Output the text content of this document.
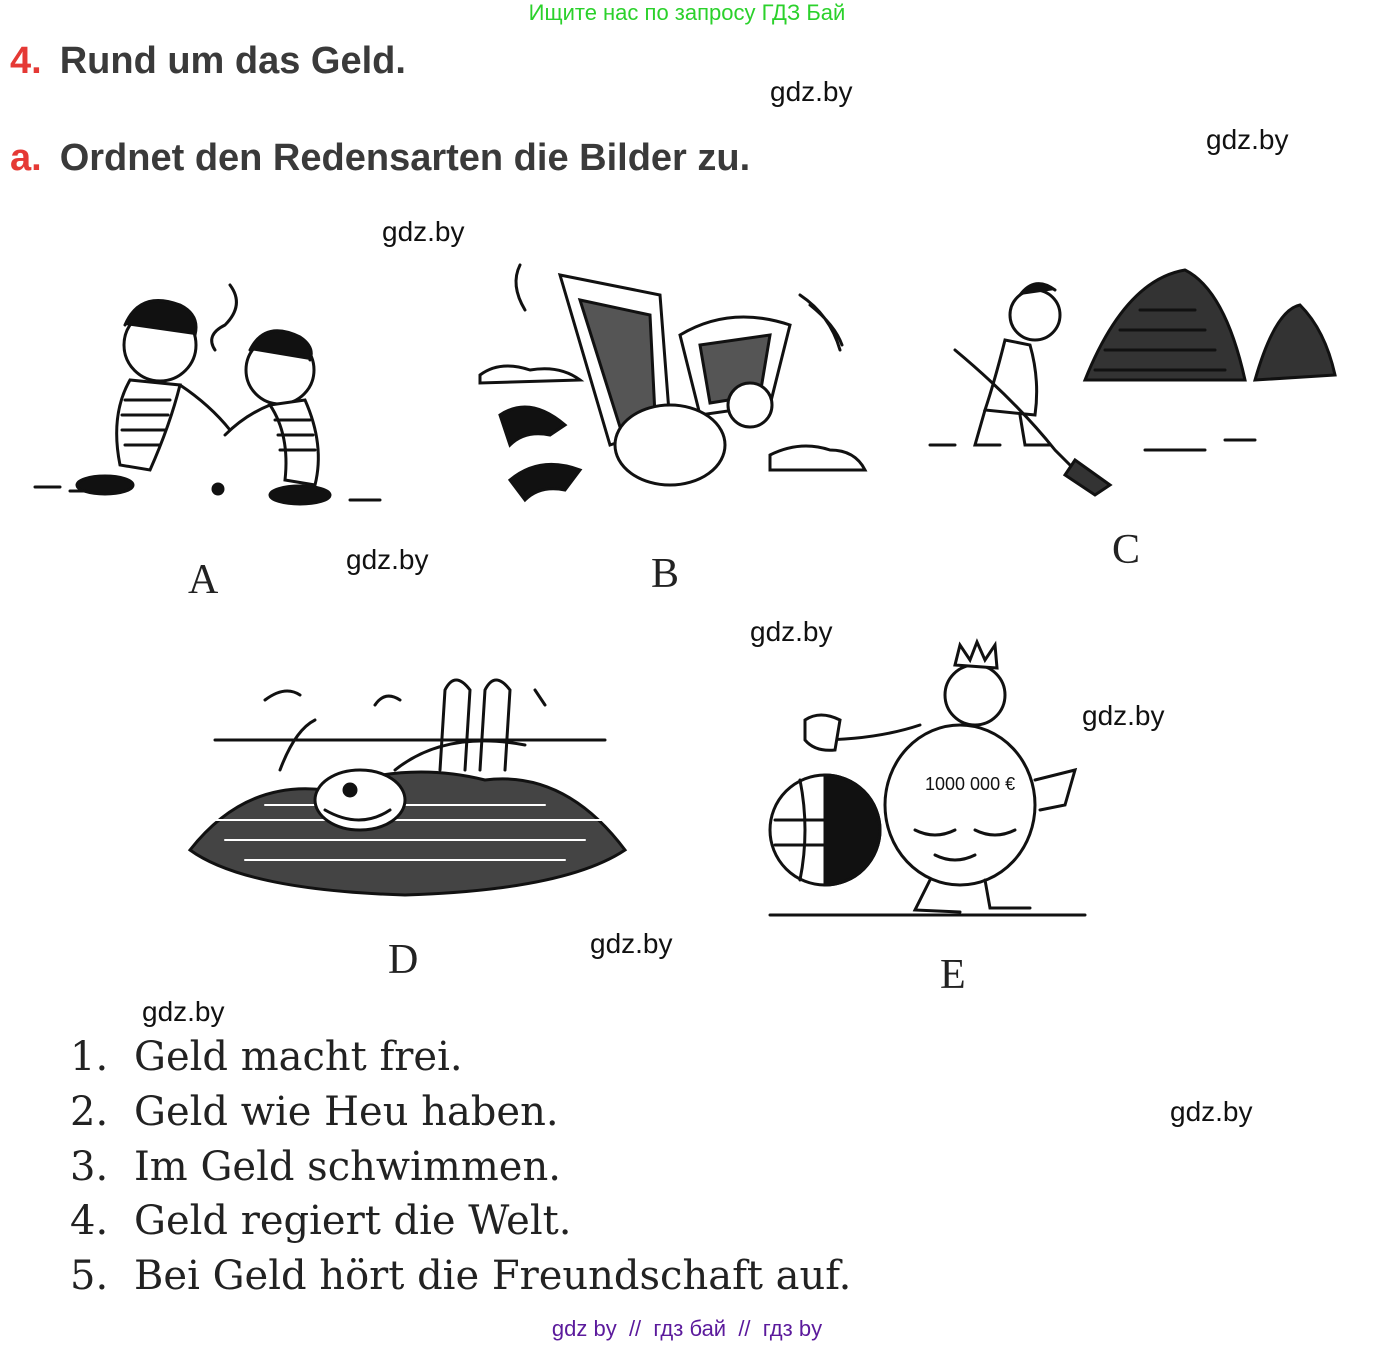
Ищите нас по запросу ГДЗ Бай
4. Rund um das Geld.
a. Ordnet den Redensarten die Bilder zu.
gdz.by
gdz.by
gdz.by
gdz.by
gdz.by
gdz.by
gdz.by
gdz.by
gdz.by
1000 000 €
A	B
C
D	E
1. Geld macht frei.
2. Geld wie Heu haben.
3. Im Geld schwimmen.
4. Geld regiert die Welt.
5. Bei Geld hört die Freundschaft auf.
gdz by  //  гдз бай  //  гдз by
